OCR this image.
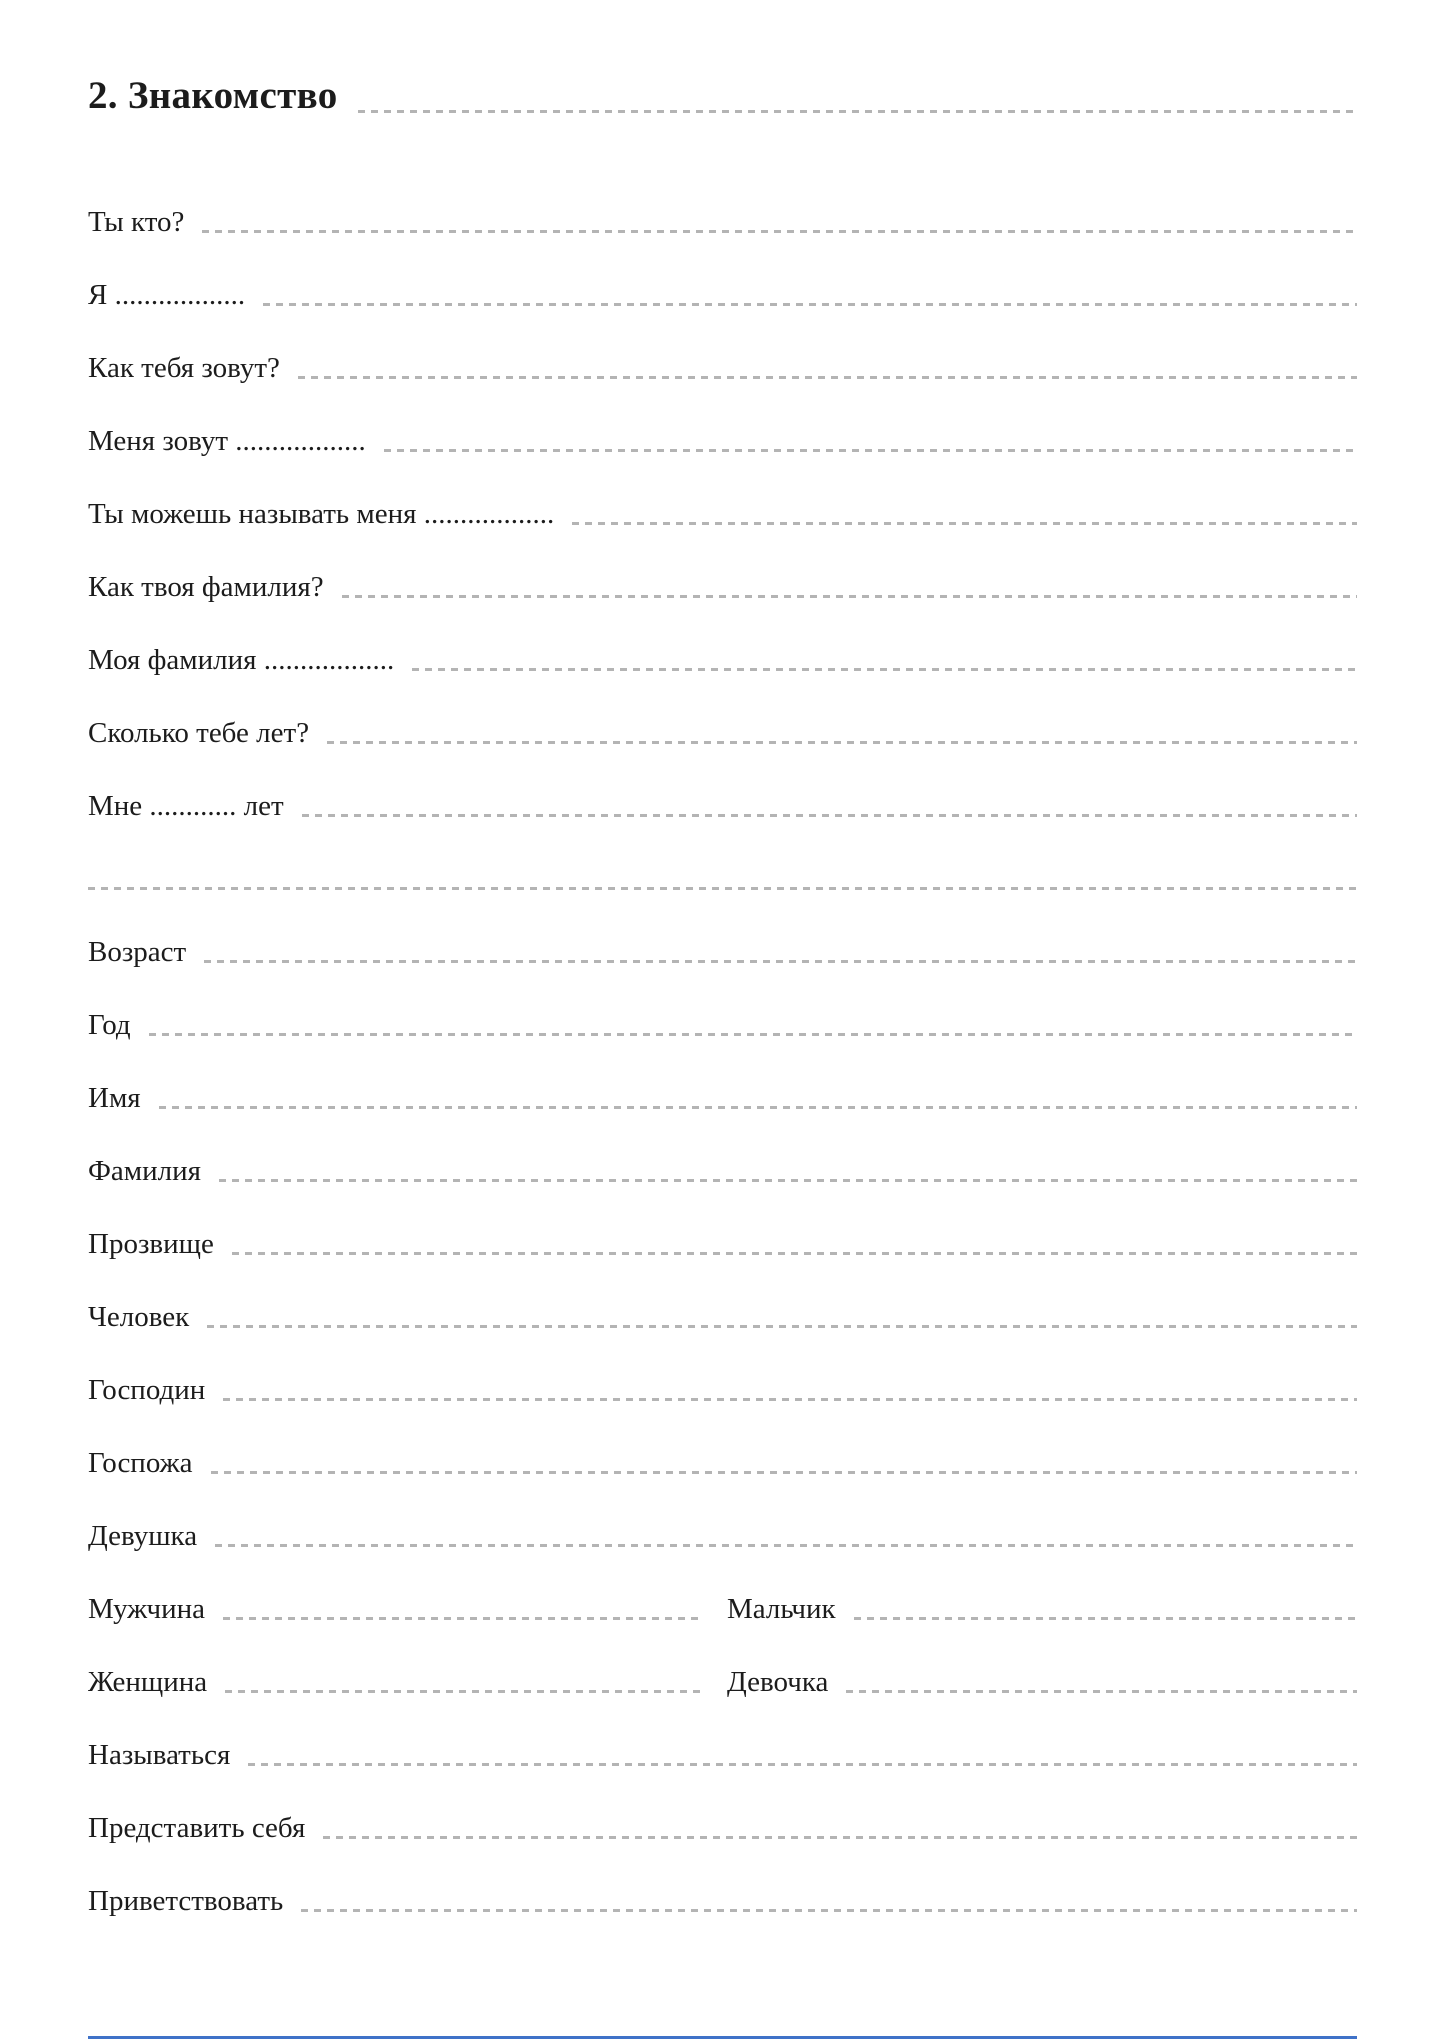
2. Знакомство
Ты кто?
Я ..................
Как тебя зовут?
Меня зовут ..................
Ты можешь называть меня ..................
Как твоя фамилия?
Моя фамилия ..................
Сколько тебе лет?
Мне ............ лет
Возраст
Год
Имя
Фамилия
Прозвище
Человек
Господин
Госпожа
Девушка
Мужчина	Мальчик
Женщина	Девочка
Называться
Представить себя
Приветствовать
